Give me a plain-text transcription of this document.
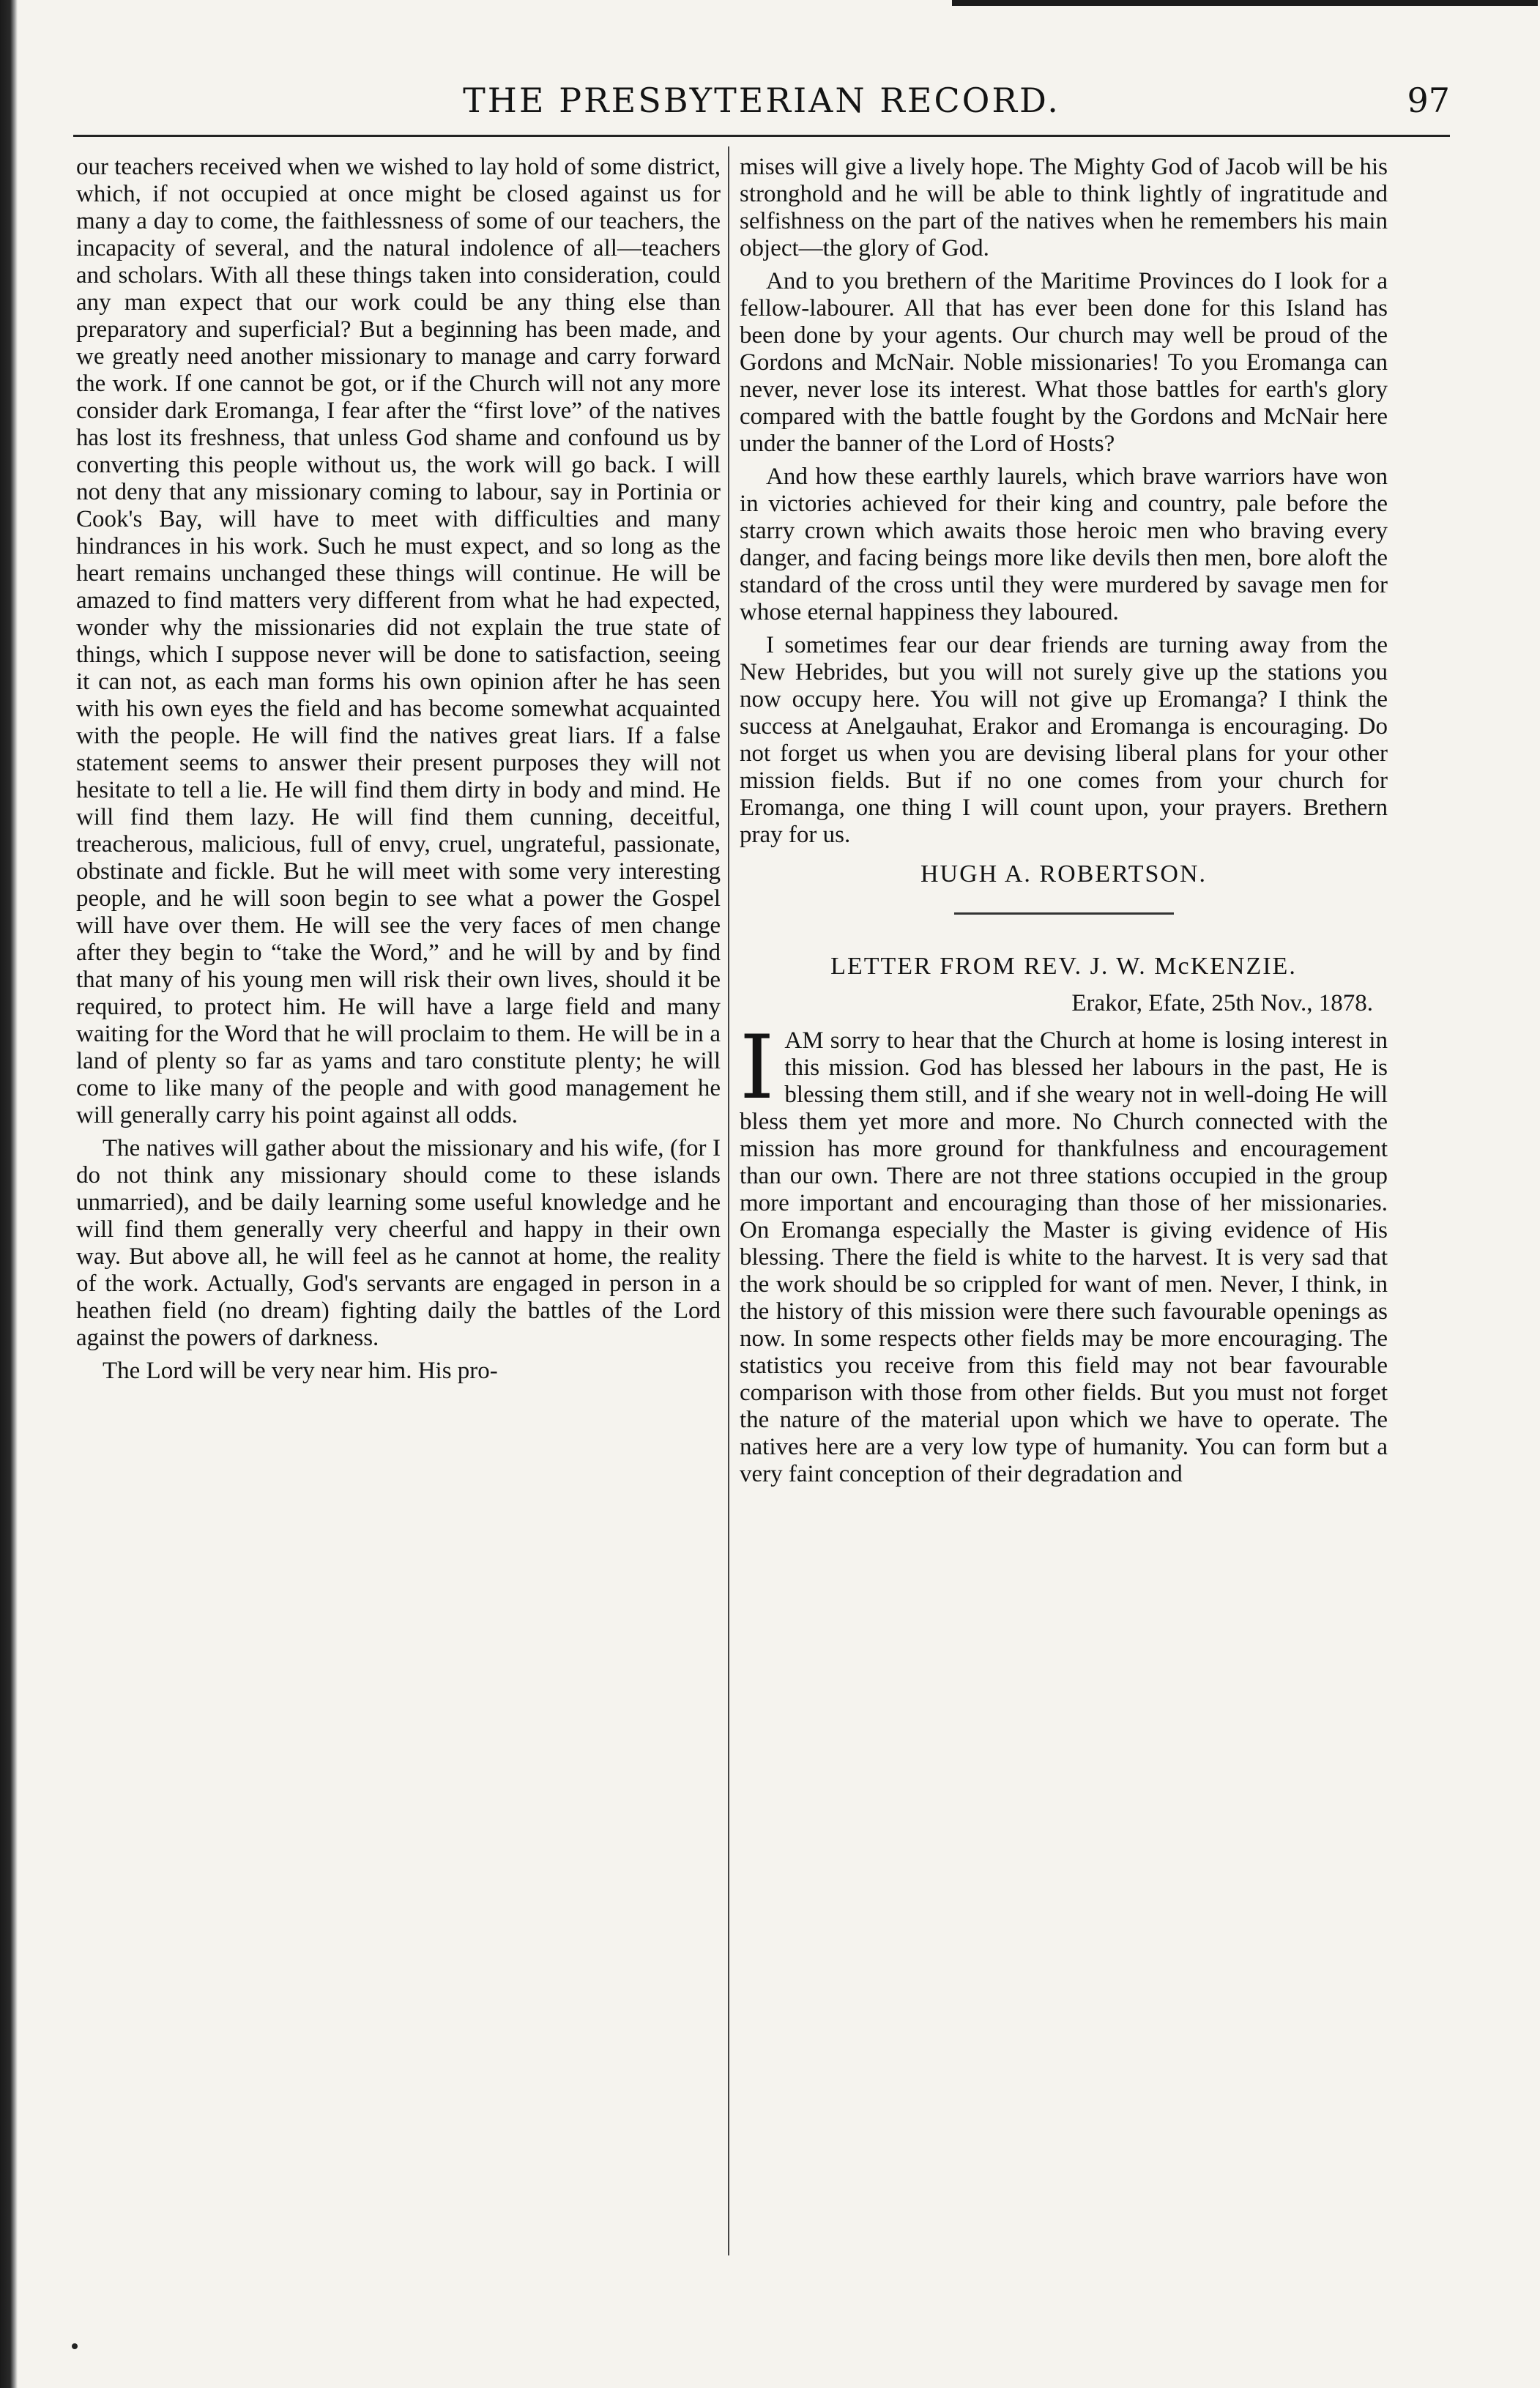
THE PRESBYTERIAN RECORD.	97

our teachers received when we wished to lay hold of some district, which, if not occupied at once might be closed against us for many a day to come, the faithlessness of some of our teachers, the incapacity of several, and the natural indolence of all—teachers and scholars. With all these things taken into consideration, could any man expect that our work could be any thing else than preparatory and superficial? But a beginning has been made, and we greatly need another missionary to manage and carry forward the work. If one cannot be got, or if the Church will not any more consider dark Eromanga, I fear after the “first love” of the natives has lost its freshness, that unless God shame and confound us by converting this people without us, the work will go back. I will not deny that any missionary coming to labour, say in Portinia or Cook's Bay, will have to meet with difficulties and many hindrances in his work. Such he must expect, and so long as the heart remains unchanged these things will continue. He will be amazed to find matters very different from what he had expected, wonder why the missionaries did not explain the true state of things, which I suppose never will be done to satisfaction, seeing it can not, as each man forms his own opinion after he has seen with his own eyes the field and has become somewhat acquainted with the people. He will find the natives great liars. If a false statement seems to answer their present purposes they will not hesitate to tell a lie. He will find them dirty in body and mind. He will find them lazy. He will find them cunning, deceitful, treacherous, malicious, full of envy, cruel, ungrateful, passionate, obstinate and fickle. But he will meet with some very interesting people, and he will soon begin to see what a power the Gospel will have over them. He will see the very faces of men change after they begin to “take the Word,” and he will by and by find that many of his young men will risk their own lives, should it be required, to protect him. He will have a large field and many waiting for the Word that he will proclaim to them. He will be in a land of plenty so far as yams and taro constitute plenty; he will come to like many of the people and with good management he will generally carry his point against all odds.

The natives will gather about the missionary and his wife, (for I do not think any missionary should come to these islands unmarried), and be daily learning some useful knowledge and he will find them generally very cheerful and happy in their own way. But above all, he will feel as he cannot at home, the reality of the work. Actually, God's servants are engaged in person in a heathen field (no dream) fighting daily the battles of the Lord against the powers of darkness.

The Lord will be very near him. His pro-

mises will give a lively hope. The Mighty God of Jacob will be his stronghold and he will be able to think lightly of ingratitude and selfishness on the part of the natives when he remembers his main object—the glory of God.

And to you brethern of the Maritime Provinces do I look for a fellow-labourer. All that has ever been done for this Island has been done by your agents. Our church may well be proud of the Gordons and McNair. Noble missionaries! To you Eromanga can never, never lose its interest. What those battles for earth's glory compared with the battle fought by the Gordons and McNair here under the banner of the Lord of Hosts?

And how these earthly laurels, which brave warriors have won in victories achieved for their king and country, pale before the starry crown which awaits those heroic men who braving every danger, and facing beings more like devils then men, bore aloft the standard of the cross until they were murdered by savage men for whose eternal happiness they laboured.

I sometimes fear our dear friends are turning away from the New Hebrides, but you will not surely give up the stations you now occupy here. You will not give up Eromanga? I think the success at Anelgauhat, Erakor and Eromanga is encouraging. Do not forget us when you are devising liberal plans for your other mission fields. But if no one comes from your church for Eromanga, one thing I will count upon, your prayers. Brethern pray for us.

HUGH A. ROBERTSON.
LETTER FROM REV. J. W. McKENZIE.
Erakor, Efate, 25th Nov., 1878.

IAM sorry to hear that the Church at home is losing interest in this mission. God has blessed her labours in the past, He is blessing them still, and if she weary not in well-doing He will bless them yet more and more. No Church connected with the mission has more ground for thankfulness and encouragement than our own. There are not three stations occupied in the group more important and encouraging than those of her missionaries. On Eromanga especially the Master is giving evidence of His blessing. There the field is white to the harvest. It is very sad that the work should be so crippled for want of men. Never, I think, in the history of this mission were there such favourable openings as now. In some respects other fields may be more encouraging. The statistics you receive from this field may not bear favourable comparison with those from other fields. But you must not forget the nature of the material upon which we have to operate. The natives here are a very low type of humanity. You can form but a very faint conception of their degradation and
